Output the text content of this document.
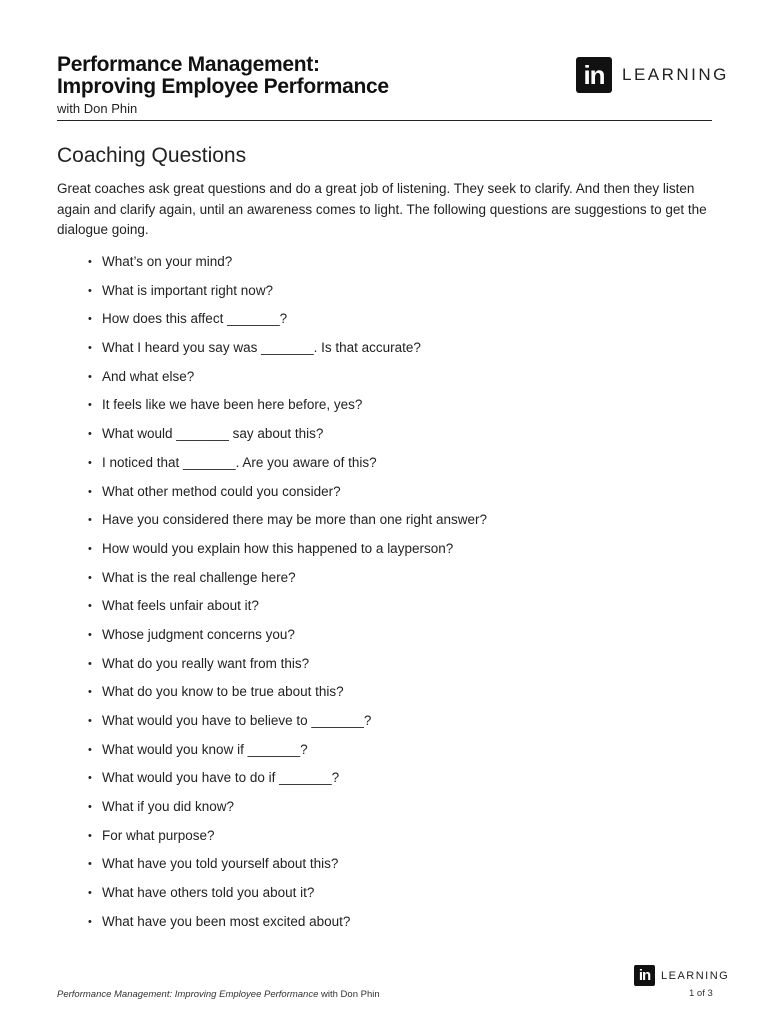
Performance Management:
Improving Employee Performance
with Don Phin
in	LEARNING
Coaching Questions

Great coaches ask great questions and do a great job of listening. They seek to clarify. And then they listen again and clarify again, until an awareness comes to light. The following questions are suggestions to get the dialogue going.

• What’s on your mind?
• What is important right now?
• How does this affect _______?
• What I heard you say was _______. Is that accurate?
• And what else?
• It feels like we have been here before, yes?
• What would _______ say about this?
• I noticed that _______. Are you aware of this?
• What other method could you consider?
• Have you considered there may be more than one right answer?
• How would you explain how this happened to a layperson?
• What is the real challenge here?
• What feels unfair about it?
• Whose judgment concerns you?
• What do you really want from this?
• What do you know to be true about this?
• What would you have to believe to _______?
• What would you know if _______?
• What would you have to do if _______?
• What if you did know?
• For what purpose?
• What have you told yourself about this?
• What have others told you about it?
• What have you been most excited about?
in LEARNING
Performance Management: Improving Employee Performance with Don Phin	1 of 3
